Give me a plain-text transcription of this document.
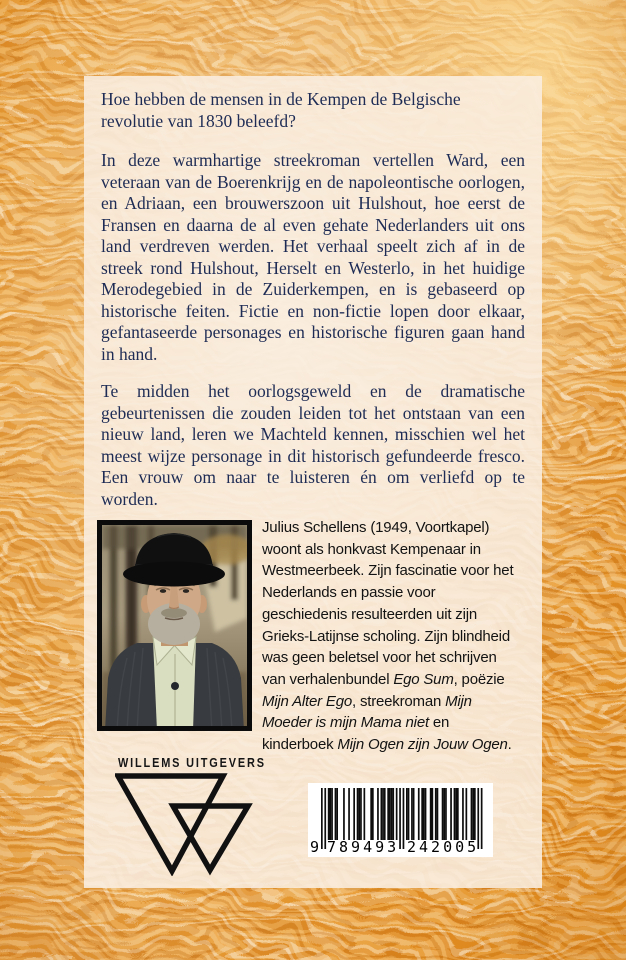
Hoe hebben de mensen in de Kempen de Belgische revolutie van 1830 beleefd?

In deze warmhartige streekroman vertellen Ward, een veteraan van de Boerenkrijg en de napoleontische oorlogen, en Adriaan, een brouwerszoon uit Hulshout, hoe eerst de Fransen en daarna de al even gehate Nederlanders uit ons land verdreven werden. Het verhaal speelt zich af in de streek rond Hulshout, Herselt en Westerlo, in het huidige Merodegebied in de Zuiderkempen, en is gebaseerd op historische feiten. Fictie en non-fictie lopen door elkaar, gefantaseerde personages en historische figuren gaan hand in hand.

Te midden het oorlogsgeweld en de dramatische gebeurtenissen die zouden leiden tot het ontstaan van een nieuw land, leren we Machteld kennen, misschien wel het meest wijze personage in dit historisch gefundeerde fresco. Een vrouw om naar te luisteren én om verliefd op te worden.

Julius Schellens (1949, Voortkapel) woont als honkvast Kempenaar in Westmeerbeek. Zijn fascinatie voor het Nederlands en passie voor geschiedenis resulteerden uit zijn Grieks-Latijnse scholing. Zijn blindheid was geen beletsel voor het schrijven van verhalenbundel Ego Sum, poëzie Mijn Alter Ego, streekroman Mijn Moeder is mijn Mama niet en kinderboek Mijn Ogen zijn Jouw Ogen.

WILLEMS UITGEVERS
9 789493 242005
